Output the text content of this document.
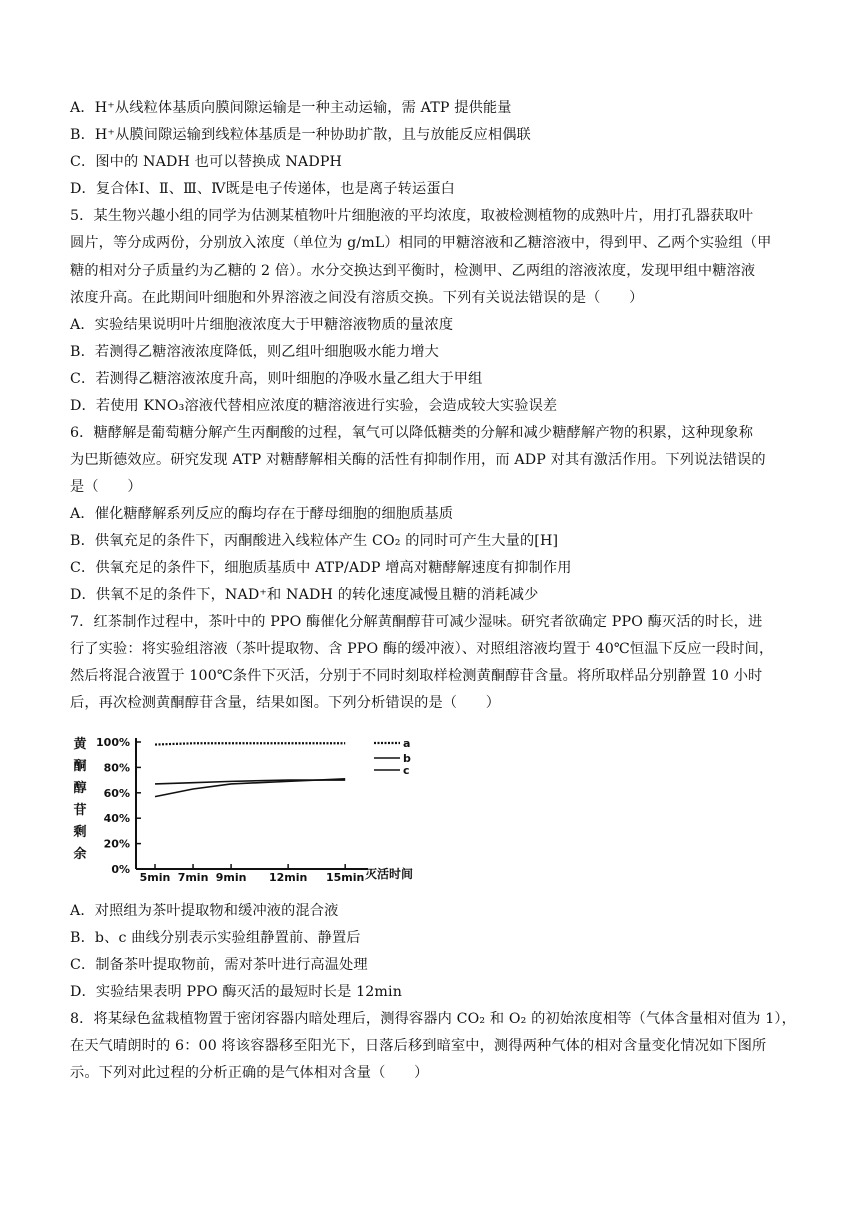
A．H⁺从线粒体基质向膜间隙运输是一种主动运输，需 ATP 提供能量
B．H⁺从膜间隙运输到线粒体基质是一种协助扩散，且与放能反应相偶联
C．图中的 NADH 也可以替换成 NADPH
D．复合体Ⅰ、Ⅱ、Ⅲ、Ⅳ既是电子传递体，也是离子转运蛋白
5．某生物兴趣小组的同学为估测某植物叶片细胞液的平均浓度，取被检测植物的成熟叶片，用打孔器获取叶
圆片，等分成两份，分别放入浓度（单位为 g/mL）相同的甲糖溶液和乙糖溶液中，得到甲、乙两个实验组（甲
糖的相对分子质量约为乙糖的 2 倍）。水分交换达到平衡时，检测甲、乙两组的溶液浓度，发现甲组中糖溶液
浓度升高。在此期间叶细胞和外界溶液之间没有溶质交换。下列有关说法错误的是（　　）
A．实验结果说明叶片细胞液浓度大于甲糖溶液物质的量浓度
B．若测得乙糖溶液浓度降低，则乙组叶细胞吸水能力增大
C．若测得乙糖溶液浓度升高，则叶细胞的净吸水量乙组大于甲组
D．若使用 KNO₃溶液代替相应浓度的糖溶液进行实验，会造成较大实验误差
6．糖酵解是葡萄糖分解产生丙酮酸的过程，氧气可以降低糖类的分解和减少糖酵解产物的积累，这种现象称
为巴斯德效应。研究发现 ATP 对糖酵解相关酶的活性有抑制作用，而 ADP 对其有激活作用。下列说法错误的
是（　　）
A．催化糖酵解系列反应的酶均存在于酵母细胞的细胞质基质
B．供氧充足的条件下，丙酮酸进入线粒体产生 CO₂ 的同时可产生大量的[H]
C．供氧充足的条件下，细胞质基质中 ATP/ADP 增高对糖酵解速度有抑制作用
D．供氧不足的条件下，NAD⁺和 NADH 的转化速度减慢且糖的消耗减少
7．红茶制作过程中，茶叶中的 PPO 酶催化分解黄酮醇苷可减少湿味。研究者欲确定 PPO 酶灭活的时长，进
行了实验：将实验组溶液（茶叶提取物、含 PPO 酶的缓冲液）、对照组溶液均置于 40℃恒温下反应一段时间，
然后将混合液置于 100℃条件下灭活，分别于不同时刻取样检测黄酮醇苷含量。将所取样品分别静置 10 小时
后，再次检测黄酮醇苷含量，结果如图。下列分析错误的是（　　）
黄
酮
醇
苷
剩
余
0%
20%
40%
60%
80%
100%
5min 7min 9min 12min 15min
a
b
c
灭活时间
A．对照组为茶叶提取物和缓冲液的混合液
B．b、c 曲线分别表示实验组静置前、静置后
C．制备茶叶提取物前，需对茶叶进行高温处理
D．实验结果表明 PPO 酶灭活的最短时长是 12min
8．将某绿色盆栽植物置于密闭容器内暗处理后，测得容器内 CO₂ 和 O₂ 的初始浓度相等（气体含量相对值为 1），
在天气晴朗时的 6：00 将该容器移至阳光下，日落后移到暗室中，测得两种气体的相对含量变化情况如下图所
示。下列对此过程的分析正确的是气体相对含量（　　）
